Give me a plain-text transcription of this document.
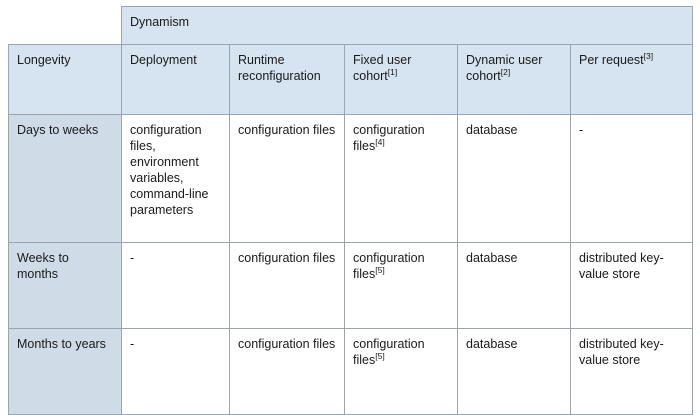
	Dynamism				
Longevity	Deployment	Runtime reconfiguration	Fixed user cohort[1]	Dynamic user cohort[2]	Per request[3]
Days to weeks	configuration files, environment variables, command-line parameters	configuration files	configuration files[4]	database	-
Weeks to months	-	configuration files	configuration files[5]	database	distributed key-value store
Months to years	-	configuration files	configuration files[5]	database	distributed key-value store
